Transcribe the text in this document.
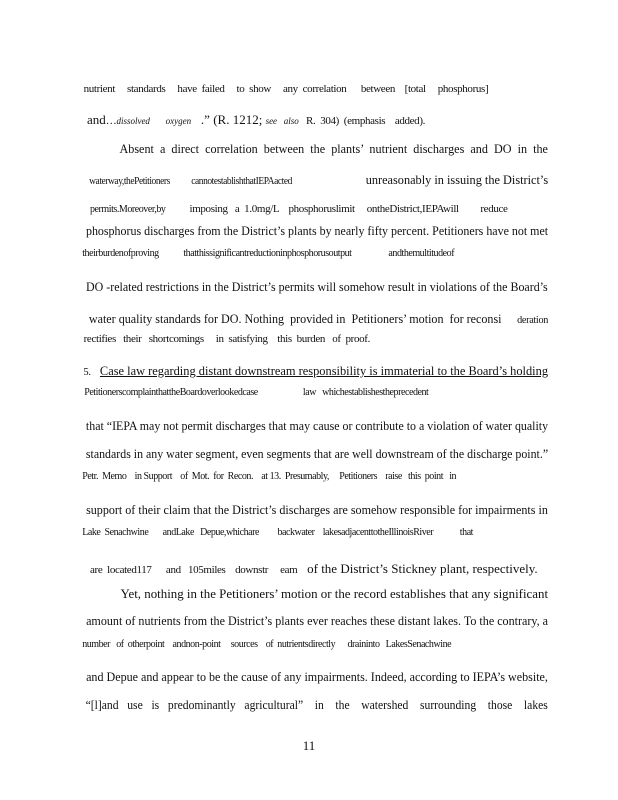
nutrient     standards     have  failed     to  show     any  correlation      between    [total     phosphorus]

and…dissolved       oxygen   .” (R. 1212; see   also   R.  304)  (emphasis    added).

Absent  a  direct  correlation  between  the  plants’  nutrient  discharges  and  DO  in  the

waterway,thePetitioners           cannotestablishthatIEPAacted                        unreasonably in issuing the District’s

permits.Moreover,by          imposing   a  1.0mg/L    phosphoruslimit     ontheDistrict,IEPAwill         reduce

phosphorus discharges from the District’s plants by nearly fifty percent. Petitioners have not met

theirburdenofproving            thatthissignificantreductioninphosphorusoutput                  andthemultitudeof

DO -related restrictions in the District’s permits will somehow result in violations of the Board’s

water quality standards for DO. Nothing  provided in  Petitioners’ motion  for reconsi       deration

rectifies   their   shortcomings     in  satisfying    this  burden   of  proof.

5. Case law regarding distant downstream responsibility is immaterial to the Board’s holding

PetitionerscomplainthattheBoardoverlookedcase                      law   whichestablishestheprecedent

that “IEPA may not permit discharges that may cause or contribute to a violation of water quality

standards in any water segment, even segments that are well downstream of the discharge point.”

Petr.  Memo    in Support    of  Mot.  for  Recon.    at 13.  Presumably,     Petitioners    raise   this  point   in

support of their claim that the District’s discharges are somehow responsible for impairments in

Lake  Senachwine       andLake   Depue,whichare         backwater    lakesadjacenttotheIllinoisRiver             that

are  located117      and   105miles    downstr     eam   of the District’s Stickney plant, respectively.

Yet, nothing in the Petitioners’ motion or the record establishes that any significant

amount of nutrients from the District’s plants ever reaches these distant lakes. To the contrary, a

number   of  otherpoint    andnon-point     sources    of  nutrientsdirectly      draininto   LakesSenachwine

and Depue and appear to be the cause of any impairments. Indeed, according to IEPA’s website,

“[l]and   use   is   predominantly   agricultural”    in    the    watershed    surrounding    those    lakes

11
